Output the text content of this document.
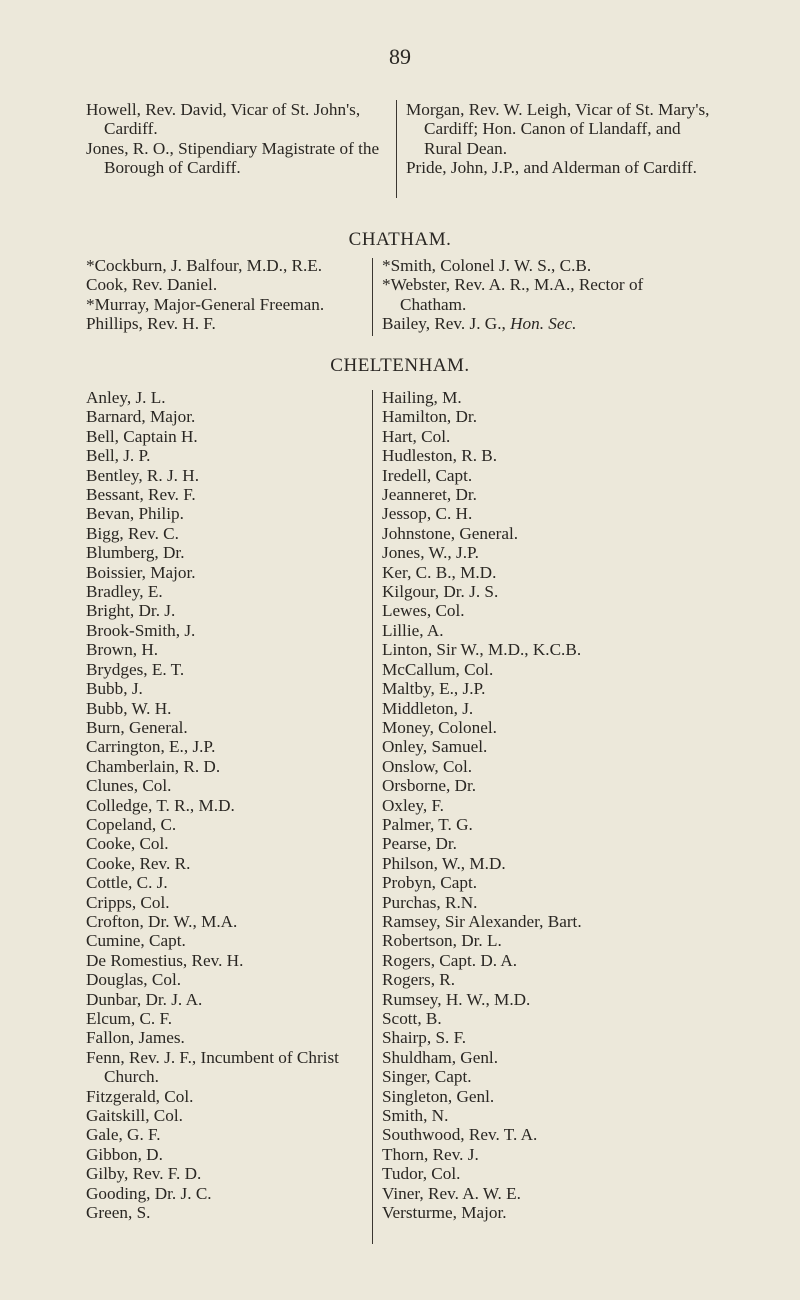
89
Howell, Rev. David, Vicar of St. John's, Cardiff.
Jones, R. O., Stipendiary Magistrate of the Borough of Cardiff.
Morgan, Rev. W. Leigh, Vicar of St. Mary's, Cardiff; Hon. Canon of Llandaff, and Rural Dean.
Pride, John, J.P., and Alderman of Cardiff.
CHATHAM.
*Cockburn, J. Balfour, M.D., R.E.
Cook, Rev. Daniel.
*Murray, Major-General Freeman.
Phillips, Rev. H. F.
*Smith, Colonel J. W. S., C.B.
*Webster, Rev. A. R., M.A., Rector of Chatham.
Bailey, Rev. J. G., Hon. Sec.
CHELTENHAM.
Anley, J. L.
Barnard, Major.
Bell, Captain H.
Bell, J. P.
Bentley, R. J. H.
Bessant, Rev. F.
Bevan, Philip.
Bigg, Rev. C.
Blumberg, Dr.
Boissier, Major.
Bradley, E.
Bright, Dr. J.
Brook-Smith, J.
Brown, H.
Brydges, E. T.
Bubb, J.
Bubb, W. H.
Burn, General.
Carrington, E., J.P.
Chamberlain, R. D.
Clunes, Col.
Colledge, T. R., M.D.
Copeland, C.
Cooke, Col.
Cooke, Rev. R.
Cottle, C. J.
Cripps, Col.
Crofton, Dr. W., M.A.
Cumine, Capt.
De Romestius, Rev. H.
Douglas, Col.
Dunbar, Dr. J. A.
Elcum, C. F.
Fallon, James.
Fenn, Rev. J. F., Incumbent of Christ Church.
Fitzgerald, Col.
Gaitskill, Col.
Gale, G. F.
Gibbon, D.
Gilby, Rev. F. D.
Gooding, Dr. J. C.
Green, S.
Hailing, M.
Hamilton, Dr.
Hart, Col.
Hudleston, R. B.
Iredell, Capt.
Jeanneret, Dr.
Jessop, C. H.
Johnstone, General.
Jones, W., J.P.
Ker, C. B., M.D.
Kilgour, Dr. J. S.
Lewes, Col.
Lillie, A.
Linton, Sir W., M.D., K.C.B.
McCallum, Col.
Maltby, E., J.P.
Middleton, J.
Money, Colonel.
Onley, Samuel.
Onslow, Col.
Orsborne, Dr.
Oxley, F.
Palmer, T. G.
Pearse, Dr.
Philson, W., M.D.
Probyn, Capt.
Purchas, R.N.
Ramsey, Sir Alexander, Bart.
Robertson, Dr. L.
Rogers, Capt. D. A.
Rogers, R.
Rumsey, H. W., M.D.
Scott, B.
Shairp, S. F.
Shuldham, Genl.
Singer, Capt.
Singleton, Genl.
Smith, N.
Southwood, Rev. T. A.
Thorn, Rev. J.
Tudor, Col.
Viner, Rev. A. W. E.
Versturme, Major.
